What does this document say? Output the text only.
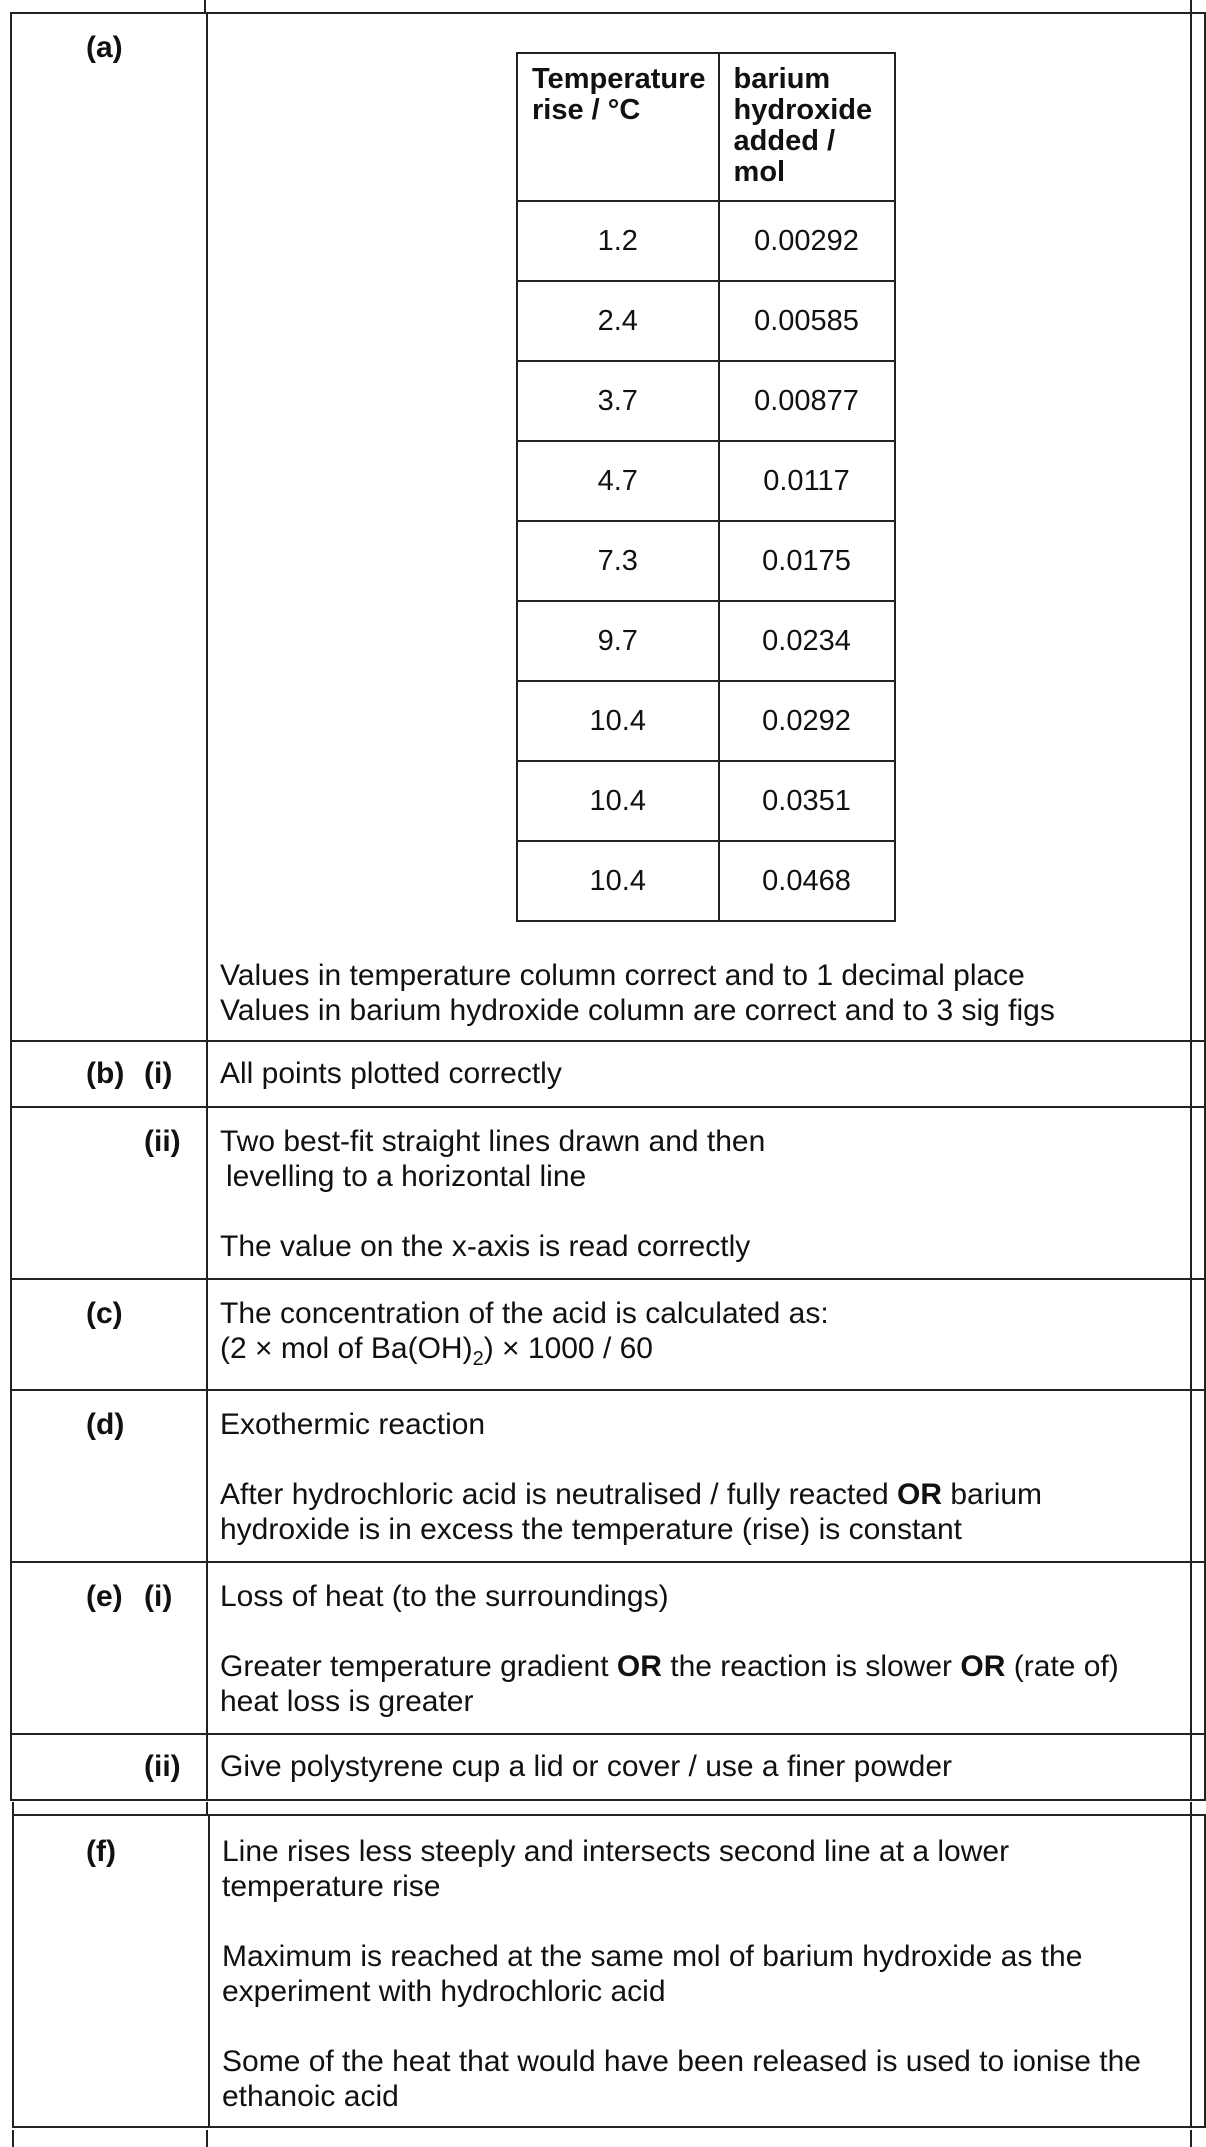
(a)

Temperature
rise / °C	barium
hydroxide
added /
mol
1.2	0.00292
2.4	0.00585
3.7	0.00877
4.7	0.0117
7.3	0.0175
9.7	0.0234
10.4	0.0292
10.4	0.0351
10.4	0.0468
Values in temperature column correct and to 1 decimal place
Values in barium hydroxide column are correct and to 3 sig figs

(b) (i)	All points plotted correctly

(ii)	Two best-fit straight lines drawn and then
levelling to a horizontal line
The value on the x-axis is read correctly

(c)	The concentration of the acid is calculated as:
(2 × mol of $Ba(OH)_2) \times 1000 / 60$

(d)	Exothermic reaction
After hydrochloric acid is neutralised / fully reacted OR barium
hydroxide is in excess the temperature (rise) is constant

(e) (i)	Loss of heat (to the surroundings)
Greater temperature gradient OR the reaction is slower OR (rate of)
heat loss is greater

(ii)	Give polystyrene cup a lid or cover / use a finer powder

(f)	Line rises less steeply and intersects second line at a lower
temperature rise
Maximum is reached at the same mol of barium hydroxide as the
experiment with hydrochloric acid
Some of the heat that would have been released is used to ionise the
ethanoic acid
